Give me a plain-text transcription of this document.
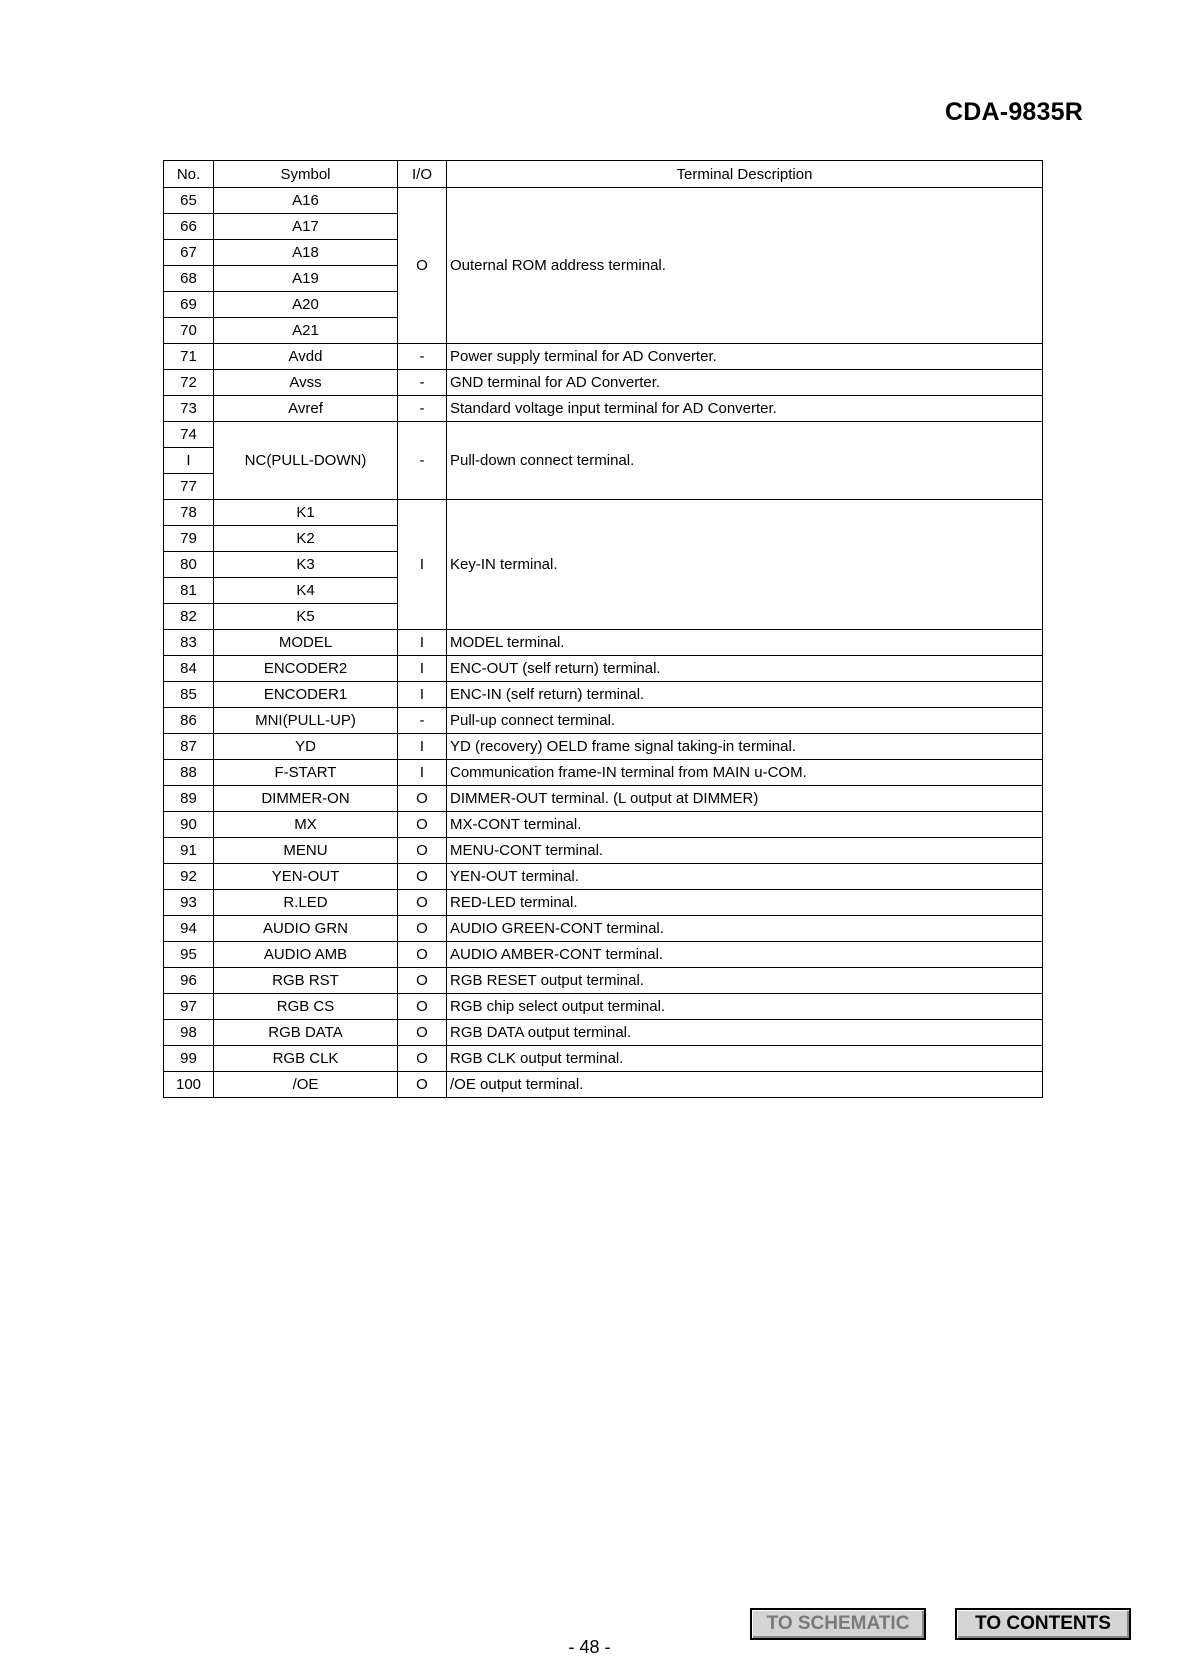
CDA-9835R
No.	Symbol	I/O	Terminal Description
65	A16	O	Outernal ROM address terminal.
66	A17		
67	A18		
68	A19		
69	A20		
70	A21		
71	Avdd	-	Power supply terminal for AD Converter.
72	Avss	-	GND terminal for AD Converter.
73	Avref	-	Standard voltage input terminal for AD Converter.
74	NC(PULL-DOWN)	-	Pull-down connect terminal.
I			
77			
78	K1	I	Key-IN terminal.
79	K2		
80	K3		
81	K4		
82	K5		
83	MODEL	I	MODEL terminal.
84	ENCODER2	I	ENC-OUT (self return) terminal.
85	ENCODER1	I	ENC-IN (self return) terminal.
86	MNI(PULL-UP)	-	Pull-up connect terminal.
87	YD	I	YD (recovery) OELD frame signal taking-in terminal.
88	F-START	I	Communication frame-IN terminal from MAIN u-COM.
89	DIMMER-ON	O	DIMMER-OUT terminal. (L output at DIMMER)
90	MX	O	MX-CONT terminal.
91	MENU	O	MENU-CONT terminal.
92	YEN-OUT	O	YEN-OUT terminal.
93	R.LED	O	RED-LED terminal.
94	AUDIO GRN	O	AUDIO GREEN-CONT terminal.
95	AUDIO AMB	O	AUDIO AMBER-CONT terminal.
96	RGB RST	O	RGB RESET output terminal.
97	RGB CS	O	RGB chip select output terminal.
98	RGB DATA	O	RGB DATA output terminal.
99	RGB CLK	O	RGB CLK output terminal.
100	/OE	O	/OE output terminal.
TO SCHEMATIC	TO CONTENTS
- 48 -
